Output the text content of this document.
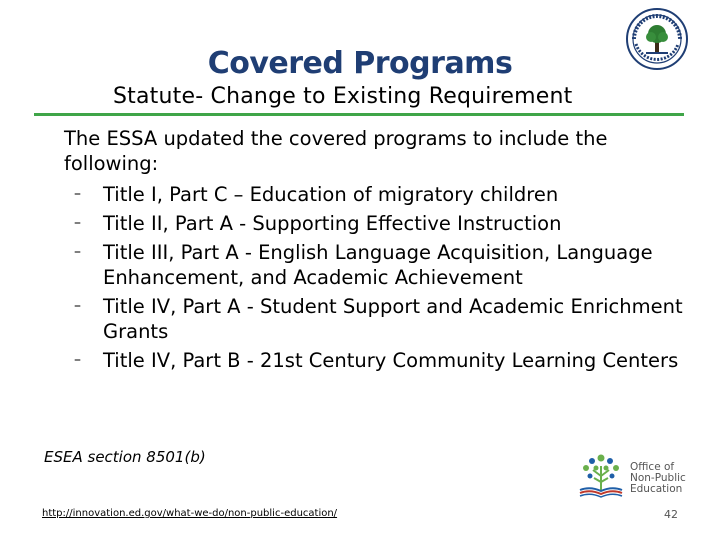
Covered Programs
Statute- Change to Existing Requirement
The ESSA updated the covered programs to include the following:
– Title I, Part C – Education of migratory children
– Title II, Part A - Supporting Effective Instruction
– Title III, Part A - English Language Acquisition, Language Enhancement, and Academic Achievement
– Title IV, Part A - Student Support and Academic Enrichment Grants
– Title IV, Part B - 21st Century Community Learning Centers
ESEA section 8501(b)
Office of
Non-Public
Education
http://innovation.ed.gov/what-we-do/non-public-education/	42
